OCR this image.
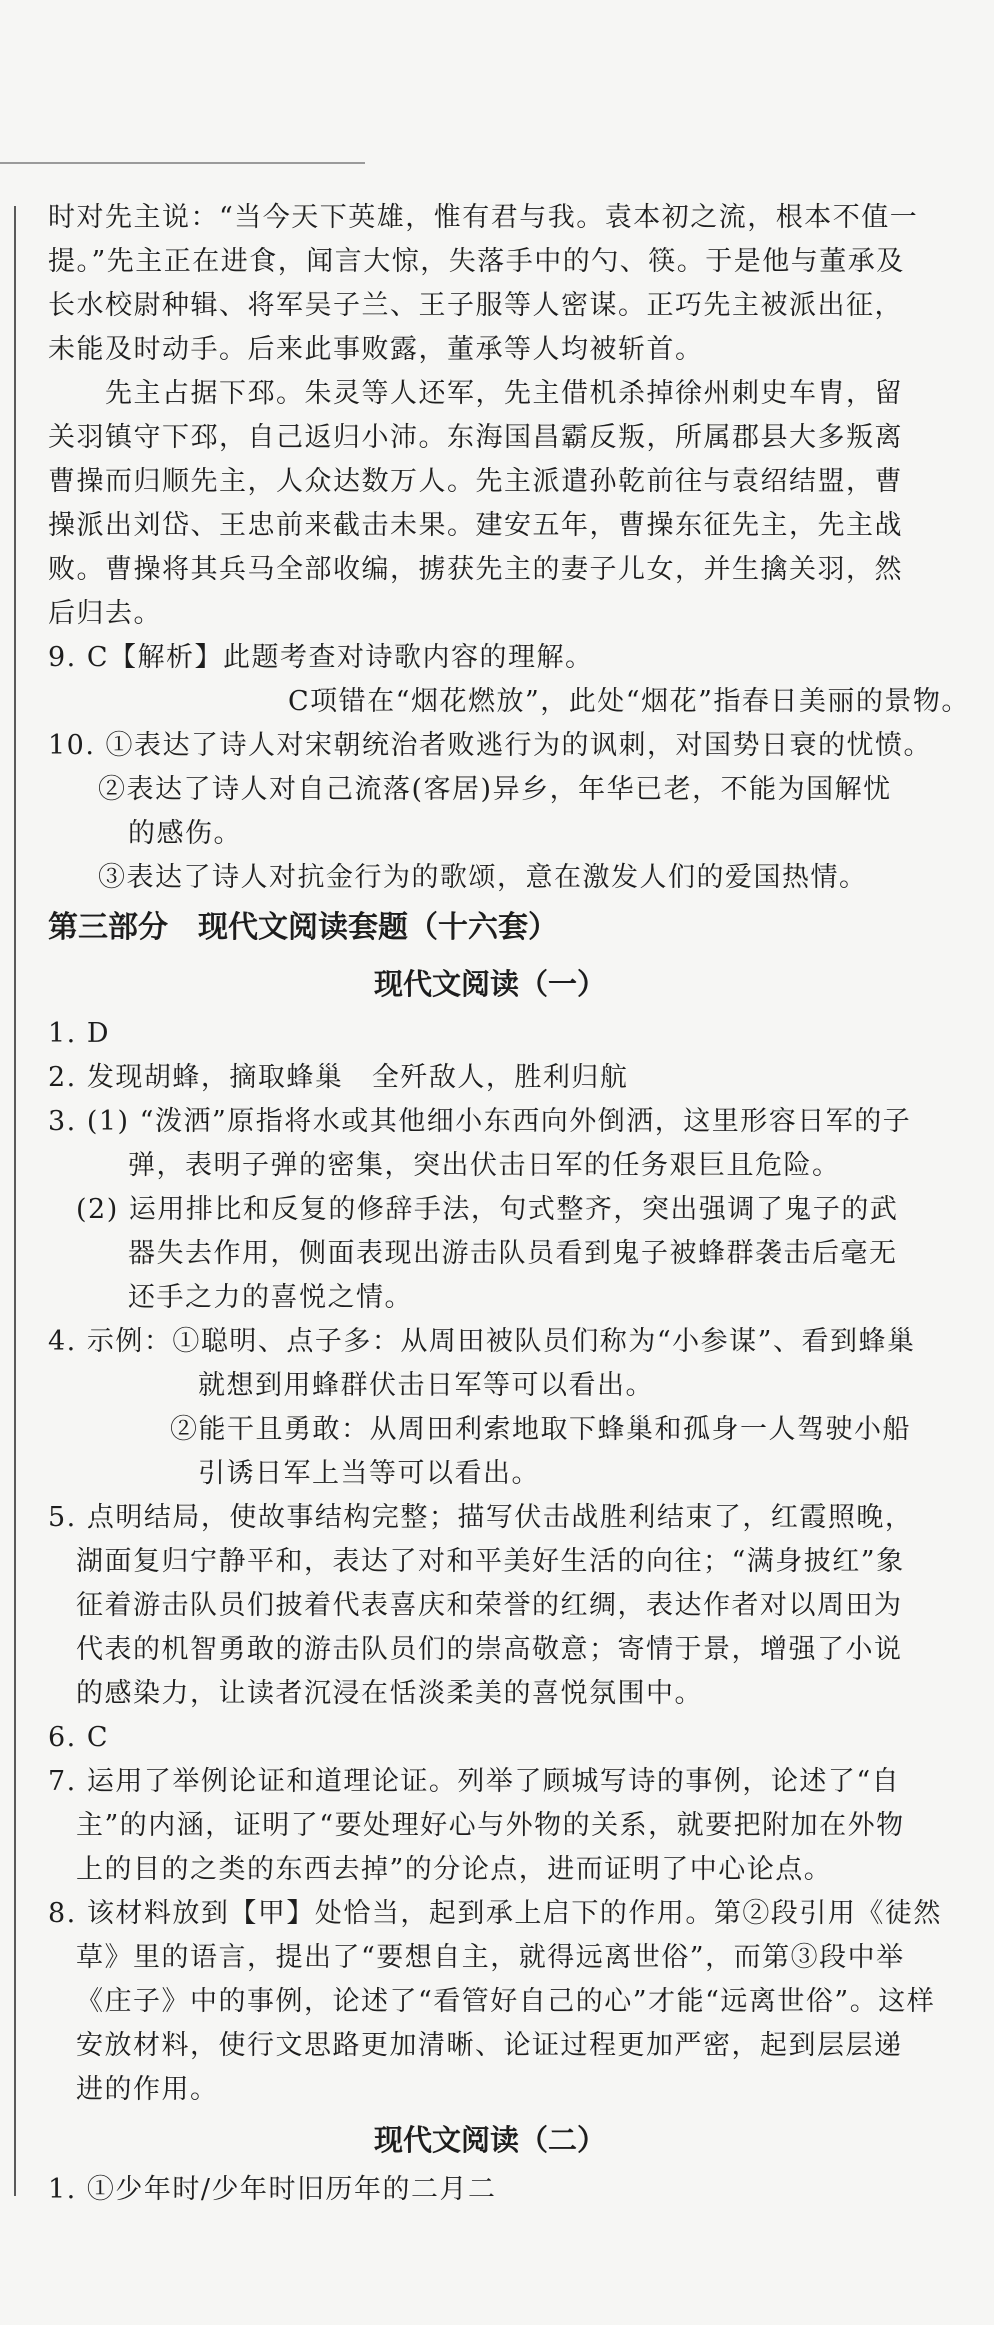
时对先主说：“当今天下英雄，惟有君与我。袁本初之流，根本不值一
提。”先主正在进食，闻言大惊，失落手中的勺、筷。于是他与董承及
长水校尉种辑、将军吴子兰、王子服等人密谋。正巧先主被派出征，
未能及时动手。后来此事败露，董承等人均被斩首。
　　先主占据下邳。朱灵等人还军，先主借机杀掉徐州刺史车胄，留
关羽镇守下邳，自己返归小沛。东海国昌霸反叛，所属郡县大多叛离
曹操而归顺先主，人众达数万人。先主派遣孙乾前往与袁绍结盟，曹
操派出刘岱、王忠前来截击未果。建安五年，曹操东征先主，先主战
败。曹操将其兵马全部收编，掳获先主的妻子儿女，并生擒关羽，然
后归去。
9. C【解析】此题考查对诗歌内容的理解。
C项错在“烟花燃放”，此处“烟花”指春日美丽的景物。
10. ①表达了诗人对宋朝统治者败逃行为的讽刺，对国势日衰的忧愤。
②表达了诗人对自己流落(客居)异乡，年华已老，不能为国解忧
的感伤。
③表达了诗人对抗金行为的歌颂，意在激发人们的爱国热情。
第三部分　现代文阅读套题（十六套）
现代文阅读（一）
1. D
2. 发现胡蜂，摘取蜂巢　全歼敌人，胜利归航
3. (1) “泼洒”原指将水或其他细小东西向外倒洒，这里形容日军的子
弹，表明子弹的密集，突出伏击日军的任务艰巨且危险。
(2) 运用排比和反复的修辞手法，句式整齐，突出强调了鬼子的武
器失去作用，侧面表现出游击队员看到鬼子被蜂群袭击后毫无
还手之力的喜悦之情。
4. 示例：①聪明、点子多：从周田被队员们称为“小参谋”、看到蜂巢
就想到用蜂群伏击日军等可以看出。
②能干且勇敢：从周田利索地取下蜂巢和孤身一人驾驶小船
引诱日军上当等可以看出。
5. 点明结局，使故事结构完整；描写伏击战胜利结束了，红霞照晚，
湖面复归宁静平和，表达了对和平美好生活的向往；“满身披红”象
征着游击队员们披着代表喜庆和荣誉的红绸，表达作者对以周田为
代表的机智勇敢的游击队员们的崇高敬意；寄情于景，增强了小说
的感染力，让读者沉浸在恬淡柔美的喜悦氛围中。
6. C
7. 运用了举例论证和道理论证。列举了顾城写诗的事例，论述了“自
主”的内涵，证明了“要处理好心与外物的关系，就要把附加在外物
上的目的之类的东西去掉”的分论点，进而证明了中心论点。
8. 该材料放到【甲】处恰当，起到承上启下的作用。第②段引用《徒然
草》里的语言，提出了“要想自主，就得远离世俗”，而第③段中举
《庄子》中的事例，论述了“看管好自己的心”才能“远离世俗”。这样
安放材料，使行文思路更加清晰、论证过程更加严密，起到层层递
进的作用。
现代文阅读（二）
1. ①少年时/少年时旧历年的二月二
